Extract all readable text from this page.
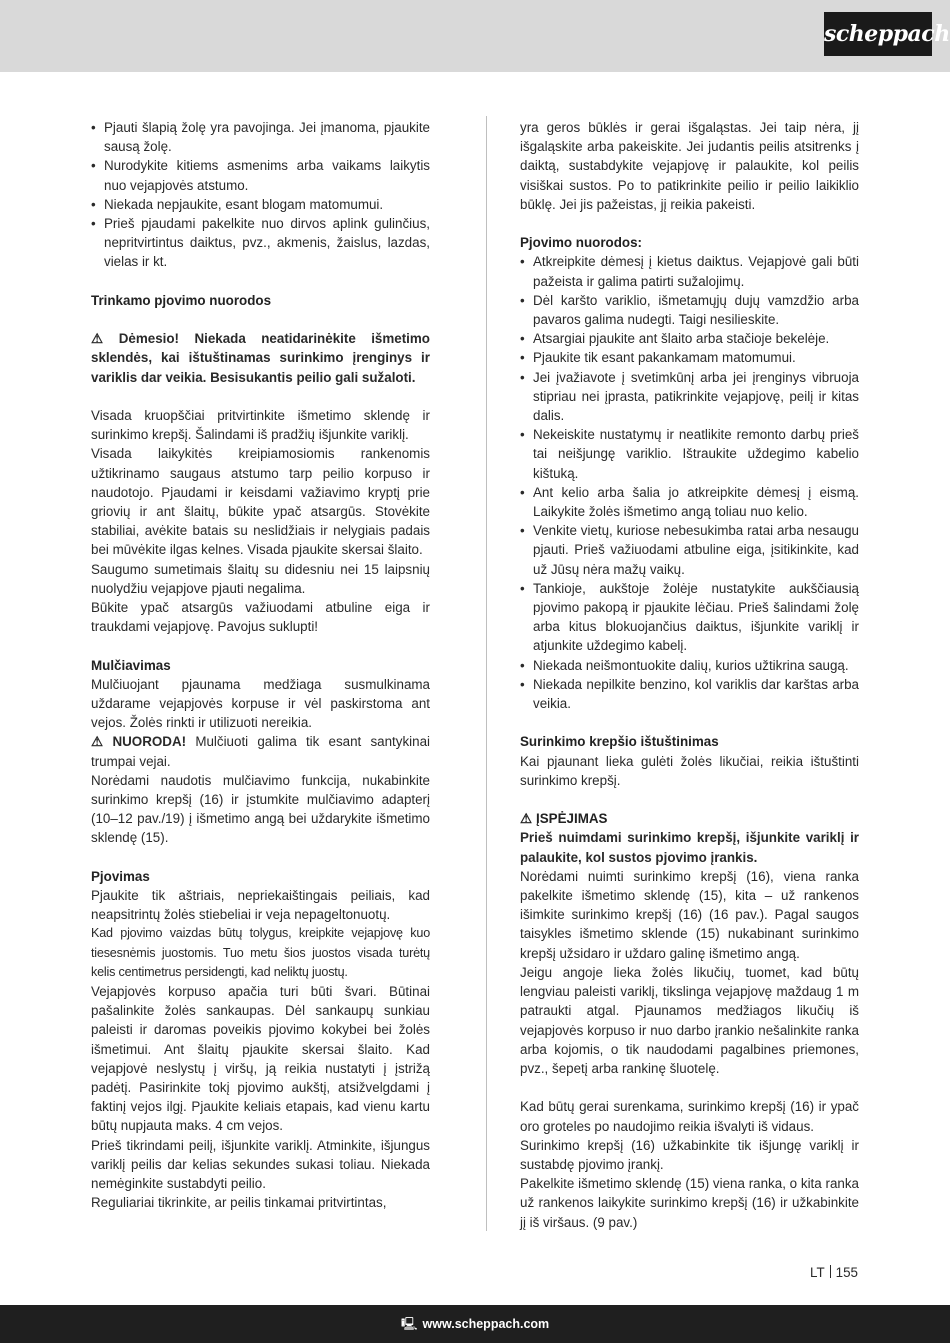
scheppach
• Pjauti šlapią žolę yra pavojinga. Jei įmanoma, pjaukite sausą žolę.
• Nurodykite kitiems asmenims arba vaikams laikytis nuo vejapjovės atstumo.
• Niekada nepjaukite, esant blogam matomumui.
• Prieš pjaudami pakelkite nuo dirvos aplink gulinčius, nepritvirtintus daiktus, pvz., akmenis, žaislus, lazdas, vielas ir kt.

Trinkamo pjovimo nuorodos

⚠ Dėmesio! Niekada neatidarinėkite išmetimo sklendės, kai ištuštinamas surinkimo įrenginys ir variklis dar veikia. Besisukantis peilio gali sužaloti.

Visada kruopščiai pritvirtinkite išmetimo sklendę ir surinkimo krepšį. Šalindami iš pradžių išjunkite variklį.

Visada laikykitės kreipiamosiomis rankenomis užtikrinamo saugaus atstumo tarp peilio korpuso ir naudotojo. Pjaudami ir keisdami važiavimo kryptį prie griovių ir ant šlaitų, būkite ypač atsargūs. Stovėkite stabiliai, avėkite batais su neslidžiais ir nelygiais padais bei mūvėkite ilgas kelnes. Visada pjaukite skersai šlaito.

Saugumo sumetimais šlaitų su didesniu nei 15 laipsnių nuolydžiu vejapjove pjauti negalima.

Būkite ypač atsargūs važiuodami atbuline eiga ir traukdami vejapjovę. Pavojus suklupti!

Mulčiavimas

Mulčiuojant pjaunama medžiaga susmulkinama uždarame vejapjovės korpuse ir vėl paskirstoma ant vejos. Žolės rinkti ir utilizuoti nereikia.

⚠ NUORODA! Mulčiuoti galima tik esant santykinai trumpai vejai.

Norėdami naudotis mulčiavimo funkcija, nukabinkite surinkimo krepšį (16) ir įstumkite mulčiavimo adapterį (10–12 pav./19) į išmetimo angą bei uždarykite išmetimo sklendę (15).

Pjovimas

Pjaukite tik aštriais, nepriekaištingais peiliais, kad neapsitrintų žolės stiebeliai ir veja nepageltonuotų.

Kad pjovimo vaizdas būtų tolygus, kreipkite vejapjovę kuo tiesesnėmis juostomis. Tuo metu šios juostos visada turėtų kelis centimetrus persidengti, kad neliktų juostų.

Vejapjovės korpuso apačia turi būti švari. Būtinai pašalinkite žolės sankaupas. Dėl sankaupų sunkiau paleisti ir daromas poveikis pjovimo kokybei bei žolės išmetimui. Ant šlaitų pjaukite skersai šlaito. Kad vejapjovė neslystų į viršų, ją reikia nustatyti į įstrižą padėtį. Pasirinkite tokį pjovimo aukštį, atsižvelgdami į faktinį vejos ilgį. Pjaukite keliais etapais, kad vienu kartu būtų nupjauta maks. 4 cm vejos.

Prieš tikrindami peilį, išjunkite variklį. Atminkite, išjungus variklį peilis dar kelias sekundes sukasi toliau. Niekada nemėginkite sustabdyti peilio.

Reguliariai tikrinkite, ar peilis tinkamai pritvirtintas,

yra geros būklės ir gerai išgaląstas. Jei taip nėra, jį išgaląskite arba pakeiskite. Jei judantis peilis atsitrenks į daiktą, sustabdykite vejapjovę ir palaukite, kol peilis visiškai sustos. Po to patikrinkite peilio ir peilio laikiklio būklę. Jei jis pažeistas, jį reikia pakeisti.

Pjovimo nuorodos:

• Atkreipkite dėmesį į kietus daiktus. Vejapjovė gali būti pažeista ir galima patirti sužalojimų.
• Dėl karšto variklio, išmetamųjų dujų vamzdžio arba pavaros galima nudegti. Taigi nesilieskite.
• Atsargiai pjaukite ant šlaito arba stačioje bekelėje.
• Pjaukite tik esant pakankamam matomumui.
• Jei įvažiavote į svetimkūnį arba jei įrenginys vibruoja stipriau nei įprasta, patikrinkite vejapjovę, peilį ir kitas dalis.
• Nekeiskite nustatymų ir neatlikite remonto darbų prieš tai neišjungę variklio. Ištraukite uždegimo kabelio kištuką.
• Ant kelio arba šalia jo atkreipkite dėmesį į eismą. Laikykite žolės išmetimo angą toliau nuo kelio.
• Venkite vietų, kuriose nebesukimba ratai arba nesaugu pjauti. Prieš važiuodami atbuline eiga, įsitikinkite, kad už Jūsų nėra mažų vaikų.
• Tankioje, aukštoje žolėje nustatykite aukščiausią pjovimo pakopą ir pjaukite lėčiau. Prieš šalindami žolę arba kitus blokuojančius daiktus, išjunkite variklį ir atjunkite uždegimo kabelį.
• Niekada neišmontuokite dalių, kurios užtikrina saugą.
• Niekada nepilkite benzino, kol variklis dar karštas arba veikia.

Surinkimo krepšio ištuštinimas

Kai pjaunant lieka gulėti žolės likučiai, reikia ištuštinti surinkimo krepšį.

⚠ ĮSPĖJIMAS

Prieš nuimdami surinkimo krepšį, išjunkite variklį ir palaukite, kol sustos pjovimo įrankis.

Norėdami nuimti surinkimo krepšį (16), viena ranka pakelkite išmetimo sklendę (15), kita – už rankenos išimkite surinkimo krepšį (16) (16 pav.). Pagal saugos taisykles išmetimo sklende (15) nukabinant surinkimo krepšį užsidaro ir uždaro galinę išmetimo angą.

Jeigu angoje lieka žolės likučių, tuomet, kad būtų lengviau paleisti variklį, tikslinga vejapjovę maždaug 1 m patraukti atgal. Pjaunamos medžiagos likučių iš vejapjovės korpuso ir nuo darbo įrankio nešalinkite ranka arba kojomis, o tik naudodami pagalbines priemones, pvz., šepetį arba rankinę šluotelę.

Kad būtų gerai surenkama, surinkimo krepšį (16) ir ypač oro groteles po naudojimo reikia išvalyti iš vidaus.

Surinkimo krepšį (16) užkabinkite tik išjungę variklį ir sustabdę pjovimo įrankį.

Pakelkite išmetimo sklendę (15) viena ranka, o kita ranka už rankenos laikykite surinkimo krepšį (16) ir užkabinkite jį iš viršaus. (9 pav.)

LT 155
🖳 www.scheppach.com
